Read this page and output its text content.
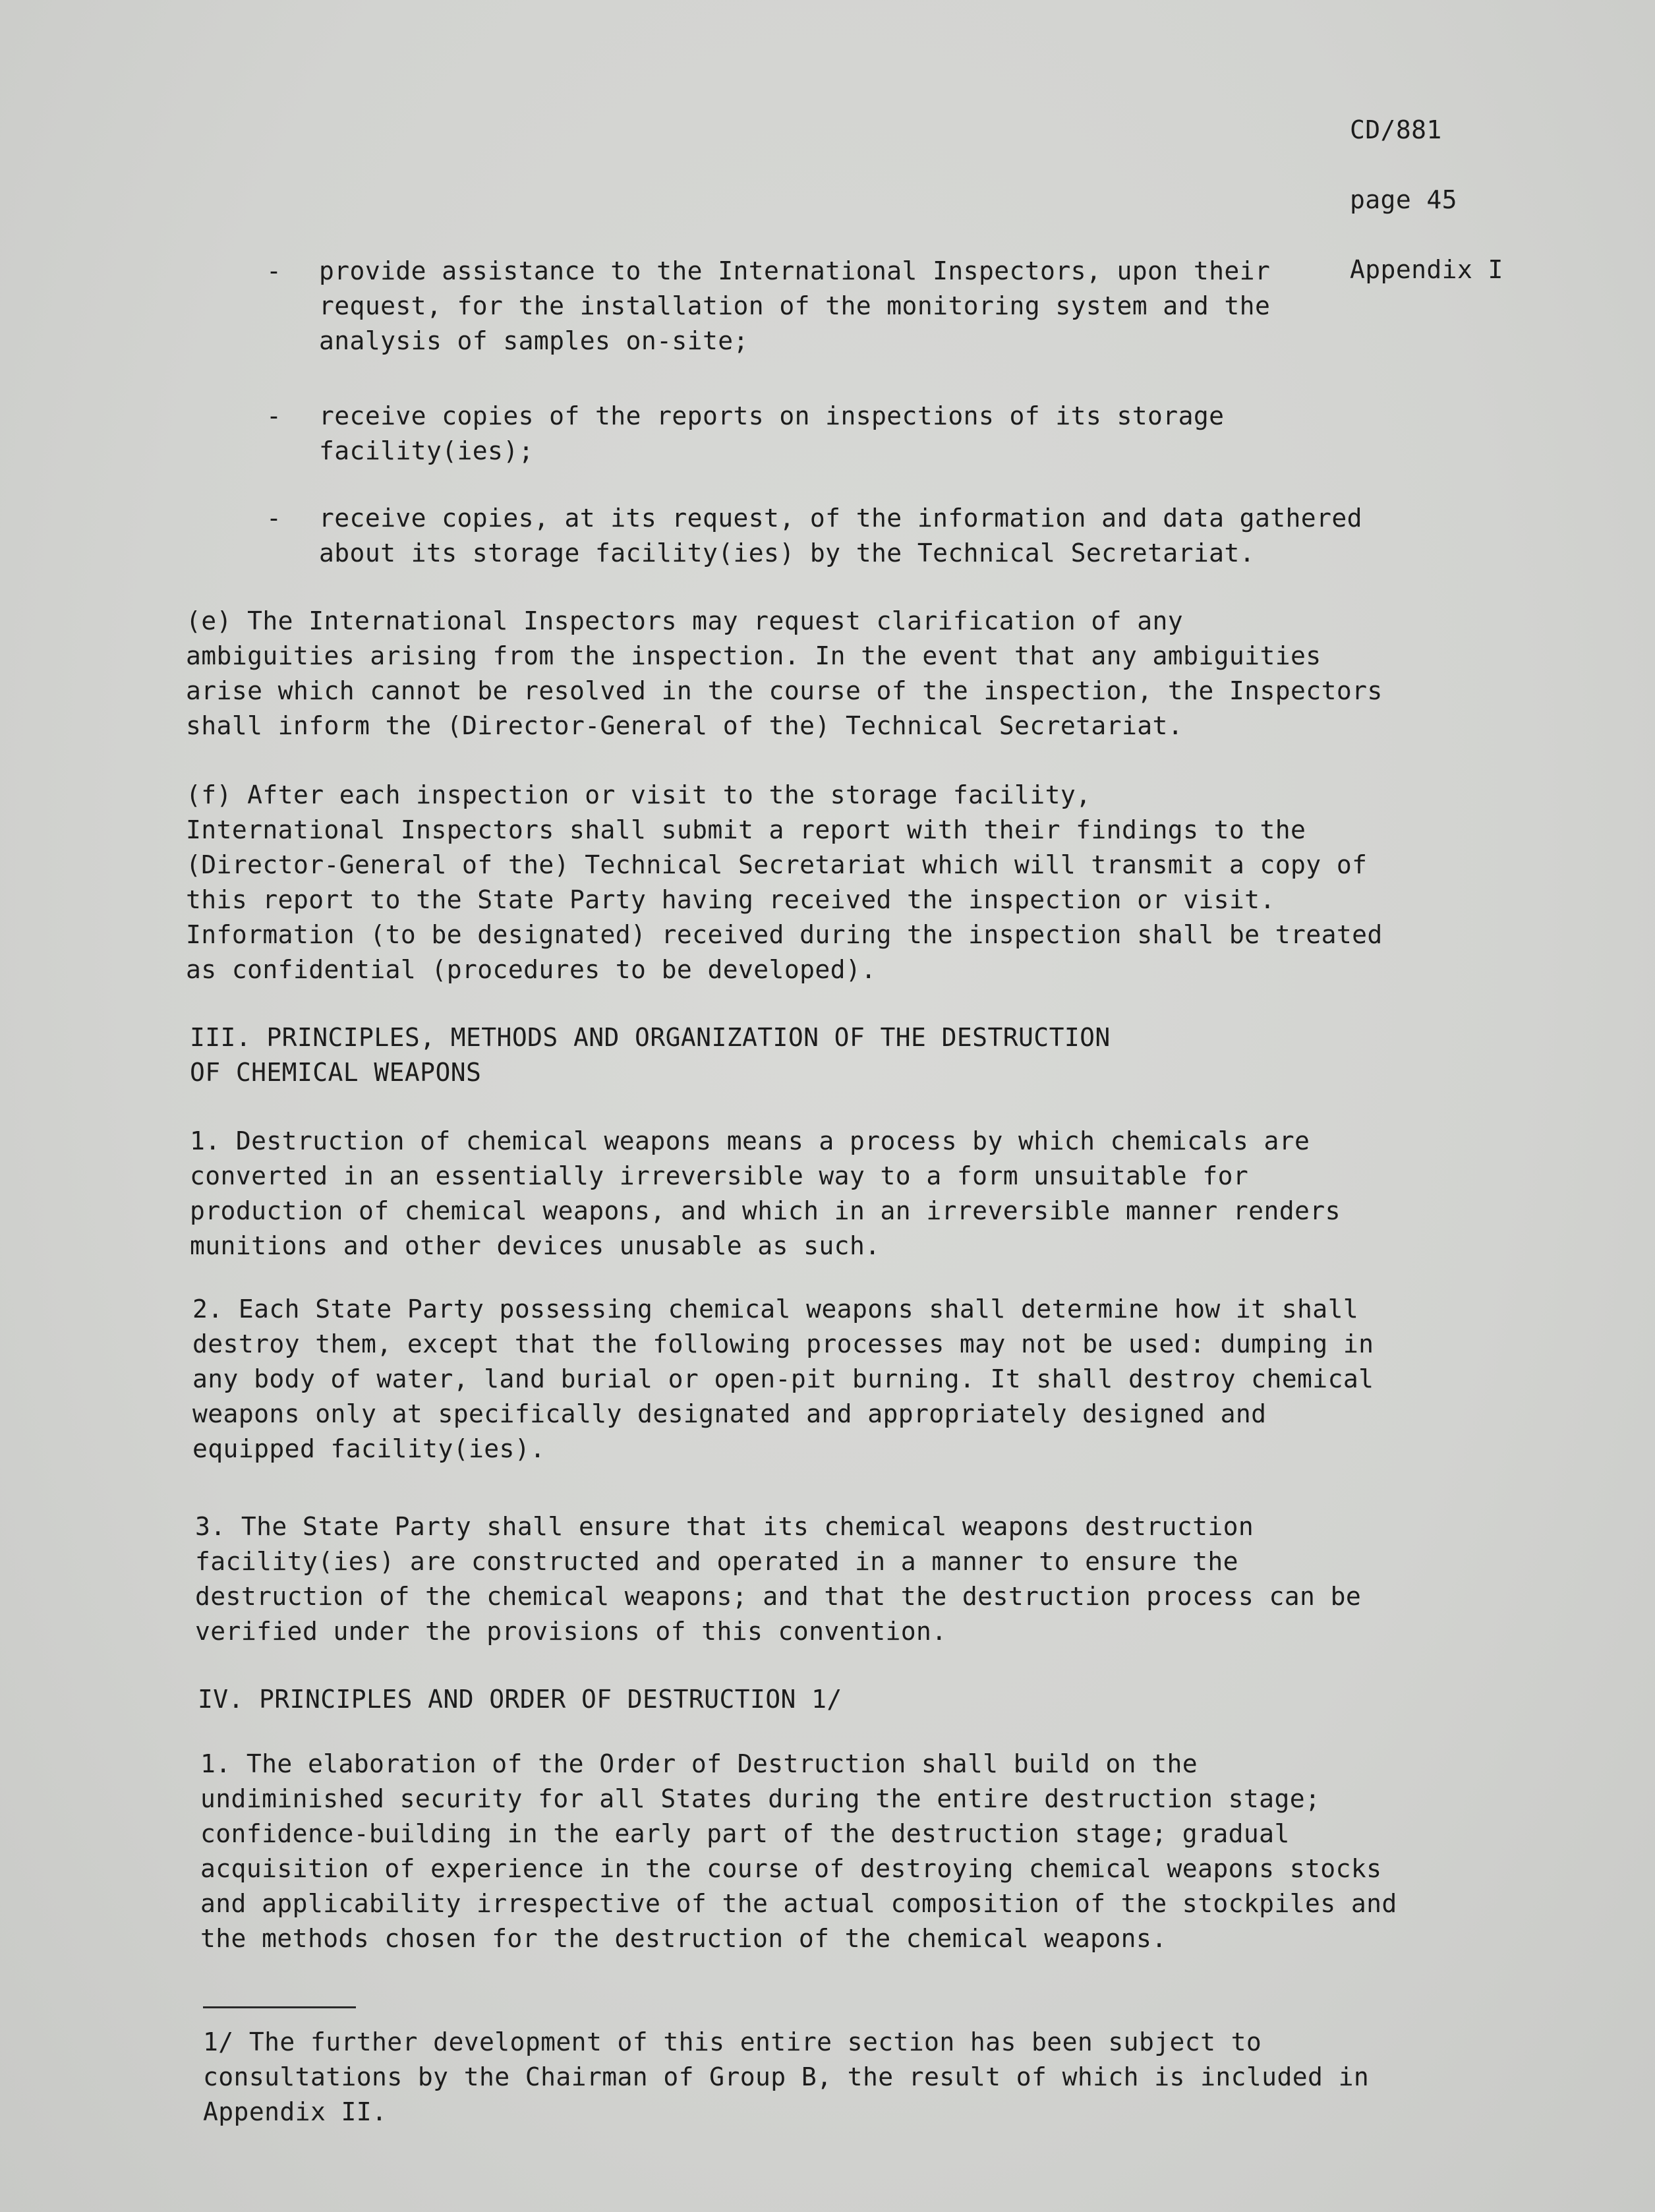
CD/881

page 45

Appendix I

- provide assistance to the International Inspectors, upon their
request, for the installation of the monitoring system and the
analysis of samples on-site;
- receive copies of the reports on inspections of its storage
facility(ies);
- receive copies, at its request, of the information and data gathered
about its storage facility(ies) by the Technical Secretariat.

(e) The International Inspectors may request clarification of any
ambiguities arising from the inspection. In the event that any ambiguities
arise which cannot be resolved in the course of the inspection, the Inspectors
shall inform the (Director-General of the) Technical Secretariat.

(f) After each inspection or visit to the storage facility,
International Inspectors shall submit a report with their findings to the
(Director-General of the) Technical Secretariat which will transmit a copy of
this report to the State Party having received the inspection or visit.
Information (to be designated) received during the inspection shall be treated
as confidential (procedures to be developed).

III. PRINCIPLES, METHODS AND ORGANIZATION OF THE DESTRUCTION
OF CHEMICAL WEAPONS

1. Destruction of chemical weapons means a process by which chemicals are
converted in an essentially irreversible way to a form unsuitable for
production of chemical weapons, and which in an irreversible manner renders
munitions and other devices unusable as such.

2. Each State Party possessing chemical weapons shall determine how it shall
destroy them, except that the following processes may not be used: dumping in
any body of water, land burial or open-pit burning. It shall destroy chemical
weapons only at specifically designated and appropriately designed and
equipped facility(ies).

3. The State Party shall ensure that its chemical weapons destruction
facility(ies) are constructed and operated in a manner to ensure the
destruction of the chemical weapons; and that the destruction process can be
verified under the provisions of this convention.

IV. PRINCIPLES AND ORDER OF DESTRUCTION 1/

1. The elaboration of the Order of Destruction shall build on the
undiminished security for all States during the entire destruction stage;
confidence-building in the early part of the destruction stage; gradual
acquisition of experience in the course of destroying chemical weapons stocks
and applicability irrespective of the actual composition of the stockpiles and
the methods chosen for the destruction of the chemical weapons.

1/ The further development of this entire section has been subject to
consultations by the Chairman of Group B, the result of which is included in
Appendix II.
